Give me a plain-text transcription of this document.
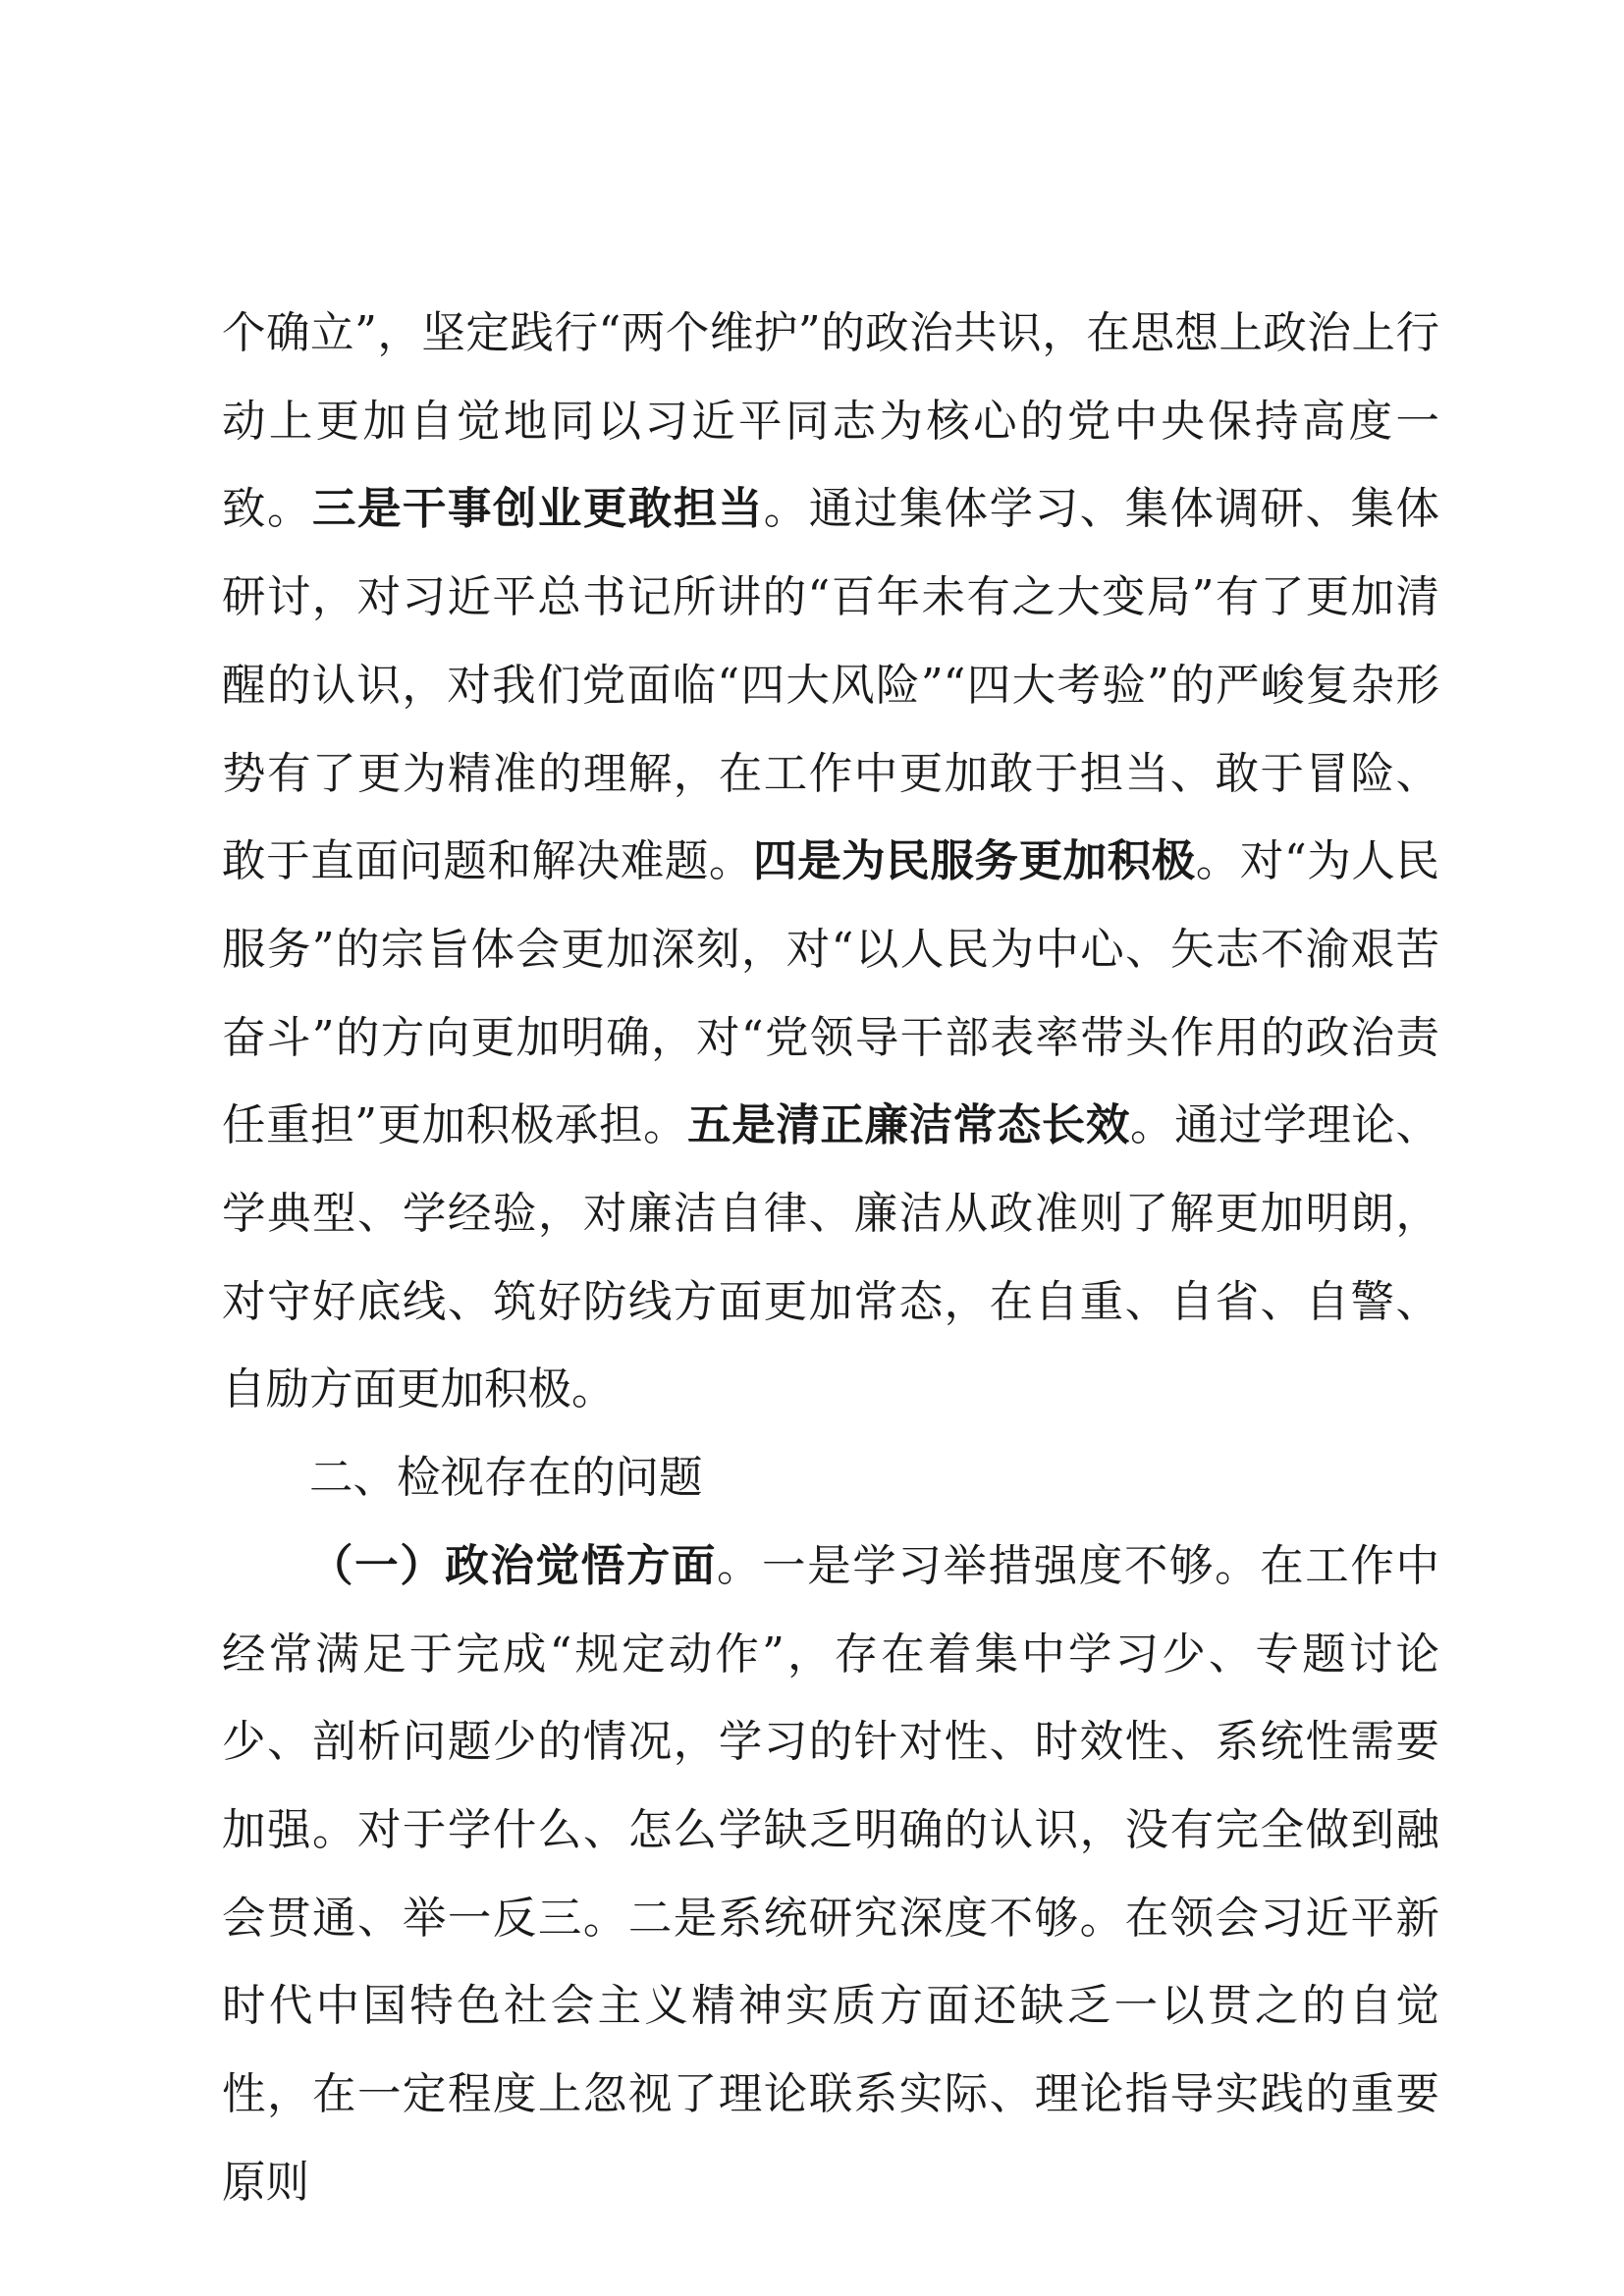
个确立”，坚定践行“两个维护”的政治共识，在思想上政治上行动上更加自觉地同以习近平同志为核心的党中央保持高度一致。三是干事创业更敢担当。通过集体学习、集体调研、集体研讨，对习近平总书记所讲的“百年未有之大变局”有了更加清醒的认识，对我们党面临“四大风险”“四大考验”的严峻复杂形势有了更为精准的理解，在工作中更加敢于担当、敢于冒险、敢于直面问题和解决难题。四是为民服务更加积极。对“为人民服务”的宗旨体会更加深刻，对“以人民为中心、矢志不渝艰苦奋斗”的方向更加明确，对“党领导干部表率带头作用的政治责任重担”更加积极承担。五是清正廉洁常态长效。通过学理论、学典型、学经验，对廉洁自律、廉洁从政准则了解更加明朗，对守好底线、筑好防线方面更加常态，在自重、自省、自警、自励方面更加积极。

二、检视存在的问题

（一）政治觉悟方面。一是学习举措强度不够。在工作中经常满足于完成“规定动作”，存在着集中学习少、专题讨论少、剖析问题少的情况，学习的针对性、时效性、系统性需要加强。对于学什么、怎么学缺乏明确的认识，没有完全做到融会贯通、举一反三。二是系统研究深度不够。在领会习近平新时代中国特色社会主义精神实质方面还缺乏一以贯之的自觉性，在一定程度上忽视了理论联系实际、理论指导实践的重要原则
